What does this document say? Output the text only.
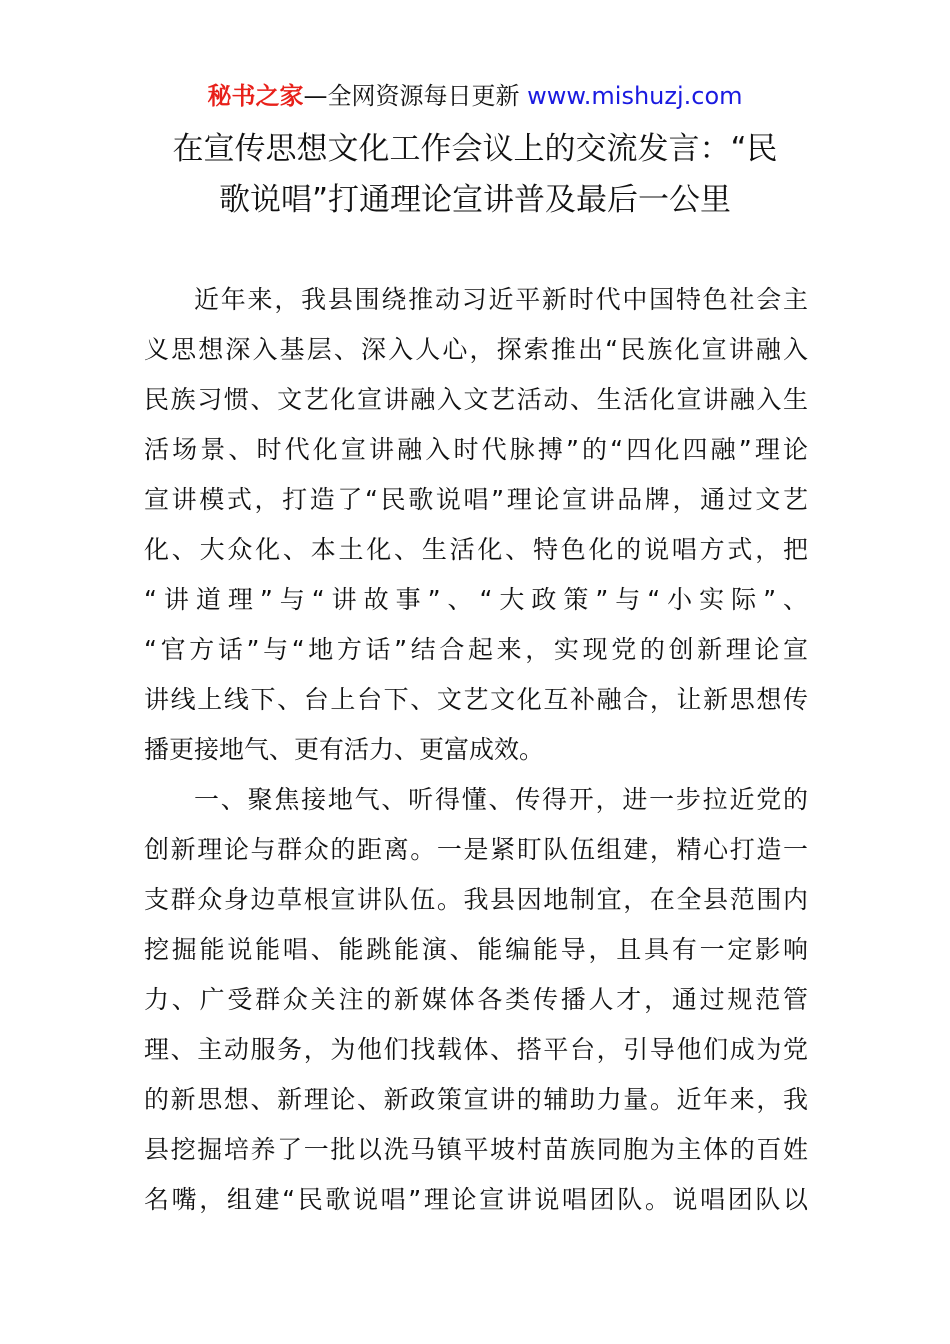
秘书之家—全网资源每日更新 www.mishuzj.com
在宣传思想文化工作会议上的交流发言：“民
歌说唱”打通理论宣讲普及最后一公里
近年来，我县围绕推动习近平新时代中国特色社会主
义思想深入基层、深入人心，探索推出“民族化宣讲融入
民族习惯、文艺化宣讲融入文艺活动、生活化宣讲融入生
活场景、时代化宣讲融入时代脉搏”的“四化四融”理论
宣讲模式，打造了“民歌说唱”理论宣讲品牌，通过文艺
化、大众化、本土化、生活化、特色化的说唱方式，把
“讲道理”与“讲故事”、“大政策”与“小实际”、
“官方话”与“地方话”结合起来，实现党的创新理论宣
讲线上线下、台上台下、文艺文化互补融合，让新思想传
播更接地气、更有活力、更富成效。
一、聚焦接地气、听得懂、传得开，进一步拉近党的
创新理论与群众的距离。一是紧盯队伍组建，精心打造一
支群众身边草根宣讲队伍。我县因地制宜，在全县范围内
挖掘能说能唱、能跳能演、能编能导，且具有一定影响
力、广受群众关注的新媒体各类传播人才，通过规范管
理、主动服务，为他们找载体、搭平台，引导他们成为党
的新思想、新理论、新政策宣讲的辅助力量。近年来，我
县挖掘培养了一批以洗马镇平坡村苗族同胞为主体的百姓
名嘴，组建“民歌说唱”理论宣讲说唱团队。说唱团队以
